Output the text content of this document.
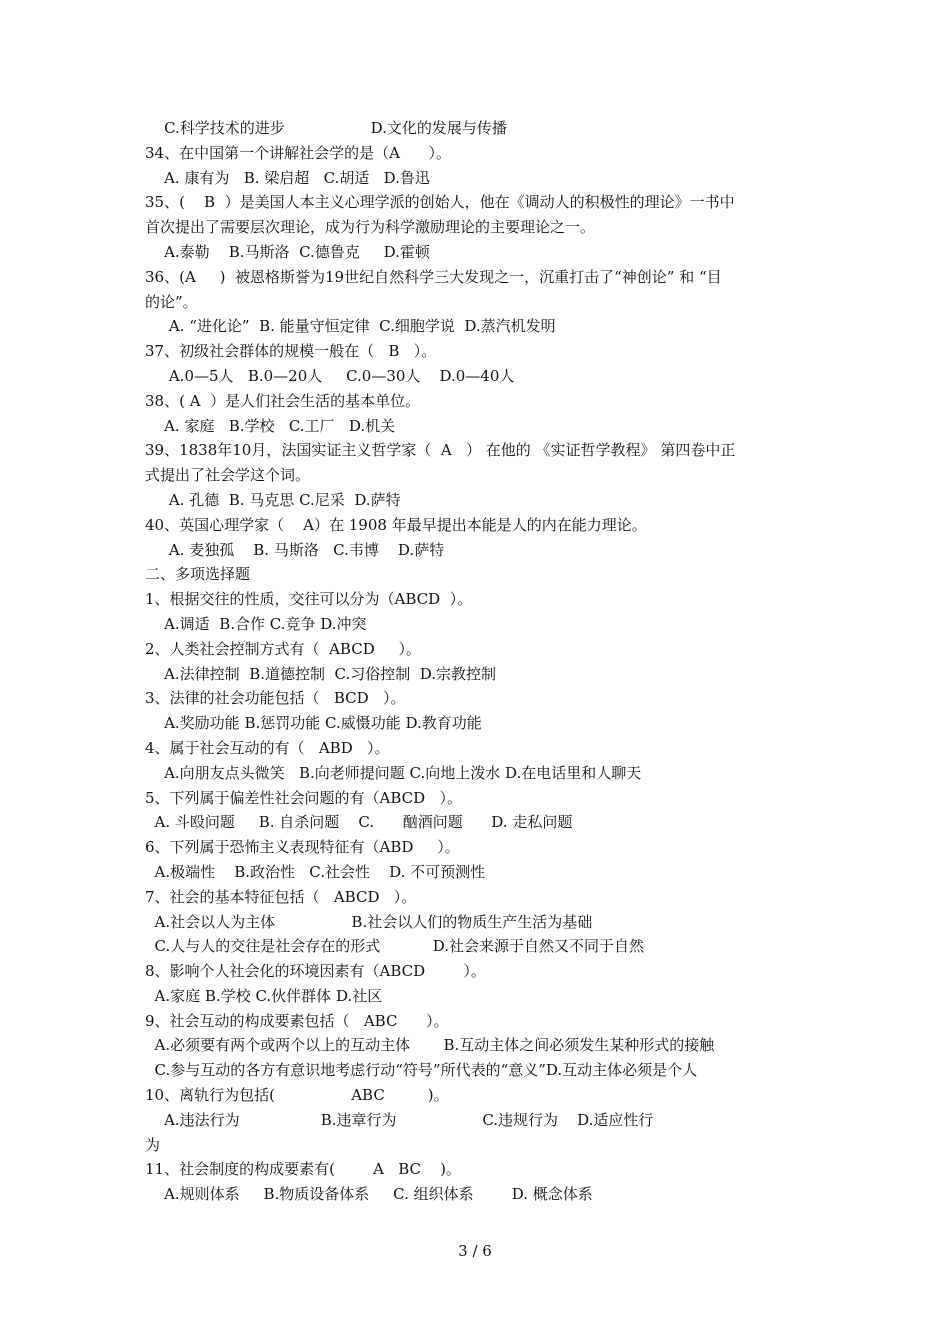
C.科学技术的进步                  D.文化的发展与传播
34、在中国第一个讲解社会学的是（A      ）。
A. 康有为   B. 梁启超   C.胡适   D.鲁迅
35、(    B  ）是美国人本主义心理学派的创始人，他在《调动人的积极性的理论》一书中
首次提出了需要层次理论，成为行为科学激励理论的主要理论之一。
A.泰勒    B.马斯洛  C.德鲁克     D.霍顿
36、(A     )  被恩格斯誉为19世纪自然科学三大发现之一，沉重打击了“神创论” 和 “目
的论”。
A. “进化论”  B. 能量守恒定律  C.细胞学说  D.蒸汽机发明
37、初级社会群体的规模一般在（   B   ）。
A.0—5人   B.0—20人     C.0—30人    D.0—40人
38、( A  ）是人们社会生活的基本单位。
A. 家庭   B.学校   C.工厂   D.机关
39、1838年10月，法国实证主义哲学家（  A   ） 在他的 《实证哲学教程》 第四卷中正
式提出了社会学这个词。
A. 孔德  B. 马克思 C.尼采  D.萨特
40、英国心理学家（    A）在 1908 年最早提出本能是人的内在能力理论。
A. 麦独孤    B. 马斯洛   C.韦博    D.萨特
二、多项选择题
1、根据交往的性质，交往可以分为（ABCD  ）。
A.调适  B.合作 C.竞争 D.冲突
2、人类社会控制方式有（  ABCD     ）。
A.法律控制  B.道德控制  C.习俗控制  D.宗教控制
3、法律的社会功能包括（   BCD   ）。
A.奖励功能 B.惩罚功能 C.威慑功能 D.教育功能
4、属于社会互动的有（   ABD   ）。
A.向朋友点头微笑   B.向老师提问题 C.向地上泼水 D.在电话里和人聊天
5、下列属于偏差性社会问题的有（ABCD   ）。
A. 斗殴问题     B. 自杀问题    C.      酗酒问题      D. 走私问题
6、下列属于恐怖主义表现特征有（ABD     ）。
A.极端性    B.政治性   C.社会性    D. 不可预测性
7、社会的基本特征包括（   ABCD   ）。
A.社会以人为主体                B.社会以人们的物质生产生活为基础
C.人与人的交往是社会存在的形式           D.社会来源于自然又不同于自然
8、影响个人社会化的环境因素有（ABCD        ）。
A.家庭 B.学校 C.伙伴群体 D.社区
9、社会互动的构成要素包括（   ABC      ）。
A.必须要有两个或两个以上的互动主体       B.互动主体之间必须发生某种形式的接触
C.参与互动的各方有意识地考虑行动“符号”所代表的“意义”D.互动主体必须是个人
10、离轨行为包括(                ABC         )。
A.违法行为                 B.违章行为                  C.违规行为    D.适应性行
为
11、社会制度的构成要素有(        A   BC    )。
A.规则体系     B.物质设备体系     C. 组织体系        D. 概念体系
3 / 6
